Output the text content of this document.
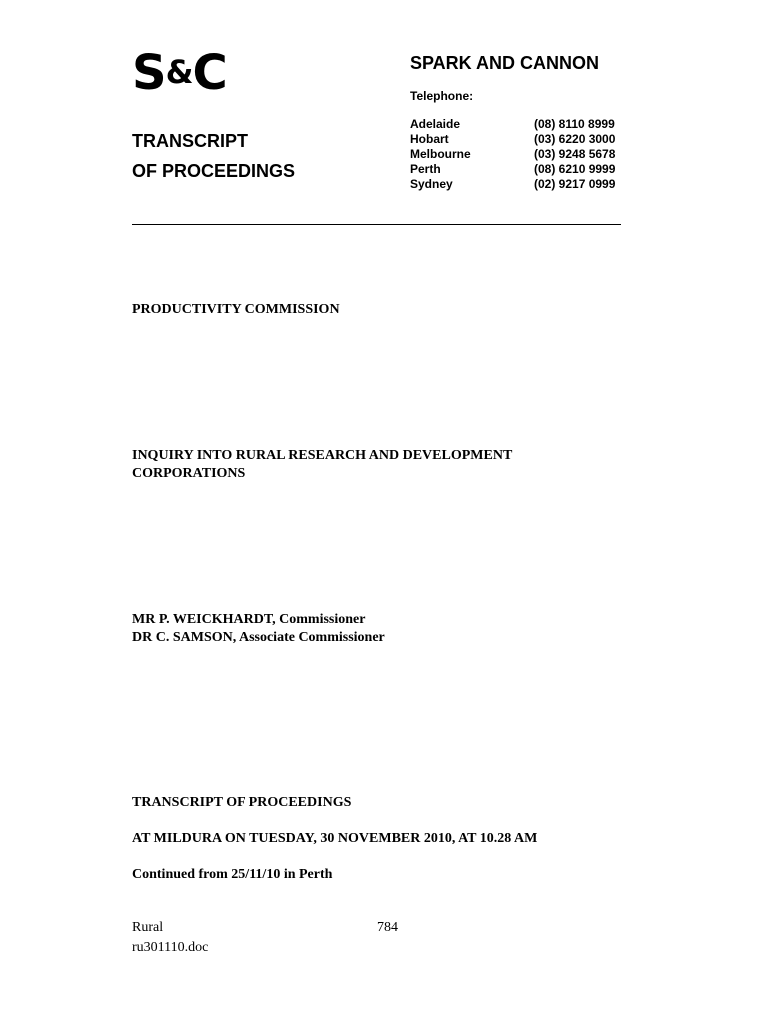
S&C	SPARK AND CANNON
Telephone:
Adelaide
Hobart
Melbourne
Perth
Sydney
(08) 8110 8999
(03) 6220 3000
(03) 9248 5678
(08) 6210 9999
(02) 9217 0999
TRANSCRIPT
OF PROCEEDINGS
PRODUCTIVITY COMMISSION
INQUIRY INTO RURAL RESEARCH AND DEVELOPMENT
CORPORATIONS
MR P. WEICKHARDT, Commissioner
DR C. SAMSON, Associate Commissioner
TRANSCRIPT OF PROCEEDINGS
AT MILDURA ON TUESDAY, 30 NOVEMBER 2010, AT 10.28 AM
Continued from 25/11/10 in Perth
Rural
ru301110.doc
784
